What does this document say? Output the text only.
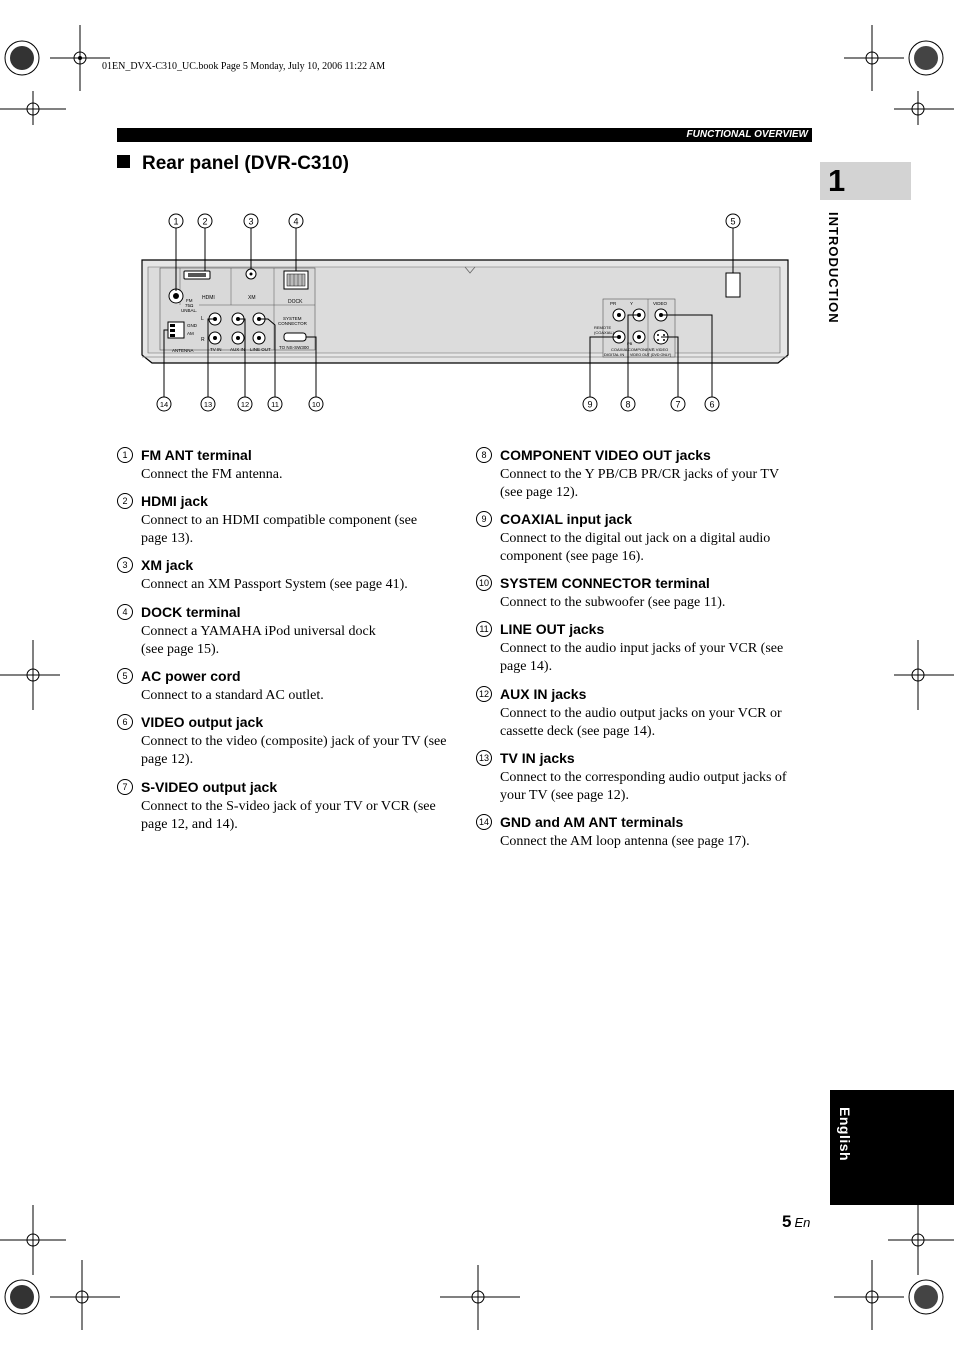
01EN_DVX-C310_UC.book Page 5 Monday, July 10, 2006 11:22 AM
FUNCTIONAL OVERVIEW
Rear panel (DVR-C310)	1
INTRODUCTION
1	2	3	4	5
FM
75Ω
UNBAL.
HDMI	XM
DOCK
SYSTEM
CONNECTOR
TO NS-SW300
GND
AM
ANTENNA
L
R
TV IN AUX IN LINE OUT
PR	Y	VIDEO
PB
REMOTE
(COAXIAL)
COAXIAL
DIGITAL IN
COMPONENT
S VIDEO
VIDEO OUT (DVD ONLY)
14	13	12	11	10	9	8	7	6
1 FM ANT terminal
Connect the FM antenna.
2 HDMI jack
Connect to an HDMI compatible component (see page 13).
3 XM jack
Connect an XM Passport System (see page 41).
4 DOCK terminal
Connect a YAMAHA iPod universal dock (see page 15).
5 AC power cord
Connect to a standard AC outlet.
6 VIDEO output jack
Connect to the video (composite) jack of your TV (see page 12).
7 S-VIDEO output jack
Connect to the S-video jack of your TV or VCR (see page 12, and 14).
8 COMPONENT VIDEO OUT jacks
Connect to the Y PB/CB PR/CR jacks of your TV (see page 12).
9 COAXIAL input jack
Connect to the digital out jack on a digital audio component (see page 16).
10 SYSTEM CONNECTOR terminal
Connect to the subwoofer (see page 11).
11 LINE OUT jacks
Connect to the audio input jacks of your VCR (see page 14).
12 AUX IN jacks
Connect to the audio output jacks on your VCR or cassette deck (see page 14).
13 TV IN jacks
Connect to the corresponding audio output jacks of your TV (see page 12).
14 GND and AM ANT terminals
Connect the AM loop antenna (see page 17).
English
5 En
